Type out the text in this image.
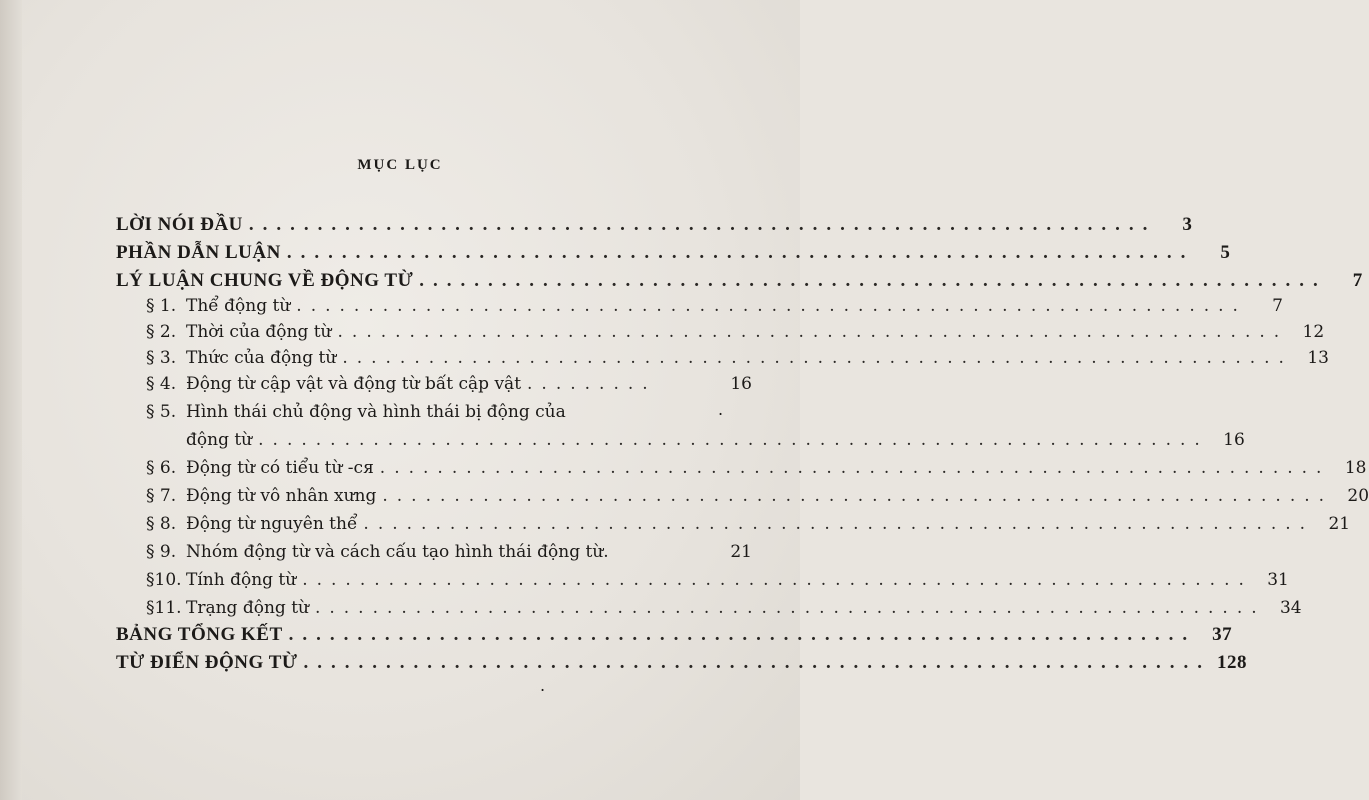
MỤC LỤC
LỜI NÓI ĐẦU ..................................................................	3
PHẦN DẪN LUẬN ..................................................................	5
LÝ LUẬN CHUNG VỀ ĐỘNG TỪ ..................................................................	7
§ 1. Thể động từ ..................................................................	7
§ 2. Thời của động từ .................................................................. 12
§ 3. Thức của động từ .................................................................. 13
§ 4. Động từ cập vật và động từ bất cập vật .........	16
§ 5. Hình thái chủ động và hình thái bị động của
động từ .................................................................. 16
§ 6. Động từ có tiểu từ -ся .................................................................. 18
§ 7. Động từ vô nhân xưng .................................................................. 20
§ 8. Động từ nguyên thể .................................................................. 21
§ 9. Nhóm động từ và cách cấu tạo hình thái động từ.	21
§10. Tính động từ .................................................................. 31
§11. Trạng động từ .................................................................. 34
BẢNG TỔNG KẾT .................................................................. 37
TỪ ĐIỂN ĐỘNG TỪ .................................................................. 128
.
.
